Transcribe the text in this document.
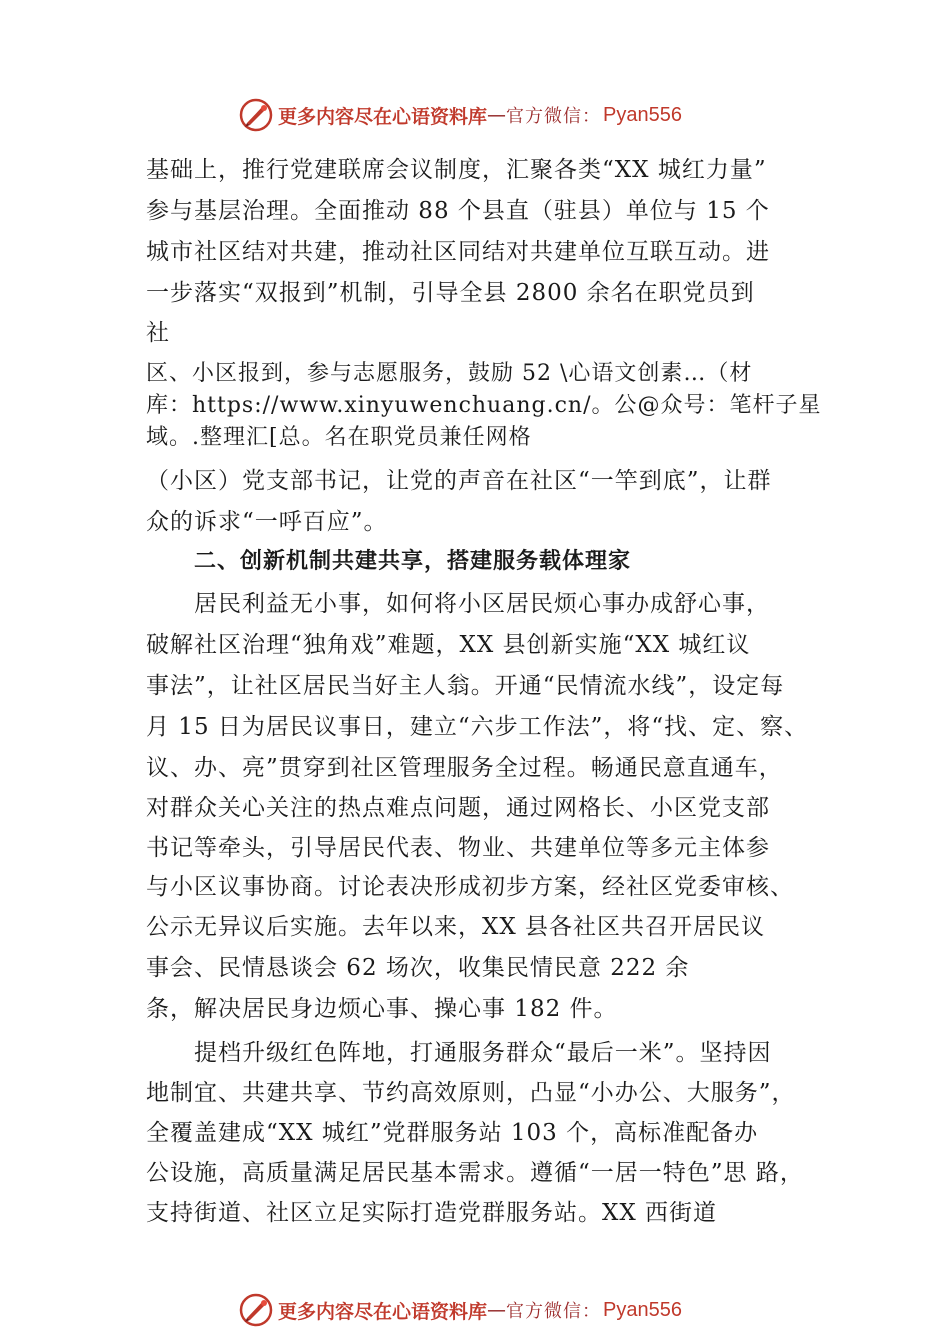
更多内容尽在心语资料库 — 官方微信： Pyan556
基础上，推行党建联席会议制度，汇聚各类“XX 城红力量”
参与基层治理。全面推动 88 个县直（驻县）单位与 15 个
城市社区结对共建，推动社区同结对共建单位互联互动。进
一步落实“双报到”机制，引导全县 2800 余名在职党员到
社
区、小区报到，参与志愿服务，鼓励 52 \心语文创素…（材
库：https://www.xinyuwenchuang.cn/。公@众号：笔杆子星
域。.整理汇[总。名在职党员兼任网格
（小区）党支部书记，让党的声音在社区“一竿到底”，让群
众的诉求“一呼百应”。
二、创新机制共建共享，搭建服务载体理家
居民利益无小事，如何将小区居民烦心事办成舒心事，
破解社区治理“独角戏”难题，XX 县创新实施“XX 城红议
事法”，让社区居民当好主人翁。开通“民情流水线”，设定每
月 15 日为居民议事日，建立“六步工作法”，将“找、定、察、
议、办、亮”贯穿到社区管理服务全过程。畅通民意直通车，
对群众关心关注的热点难点问题，通过网格长、小区党支部
书记等牵头，引导居民代表、物业、共建单位等多元主体参
与小区议事协商。讨论表决形成初步方案，经社区党委审核、
公示无异议后实施。去年以来，XX 县各社区共召开居民议
事会、民情恳谈会 62 场次，收集民情民意 222 余
条，解决居民身边烦心事、操心事 182 件。
提档升级红色阵地，打通服务群众“最后一米”。坚持因
地制宜、共建共享、节约高效原则，凸显“小办公、大服务”，
全覆盖建成“XX 城红”党群服务站 103 个，高标准配备办
公设施，高质量满足居民基本需求。遵循“一居一特色”思 路，
支持街道、社区立足实际打造党群服务站。XX 西街道
更多内容尽在心语资料库 — 官方微信： Pyan556
